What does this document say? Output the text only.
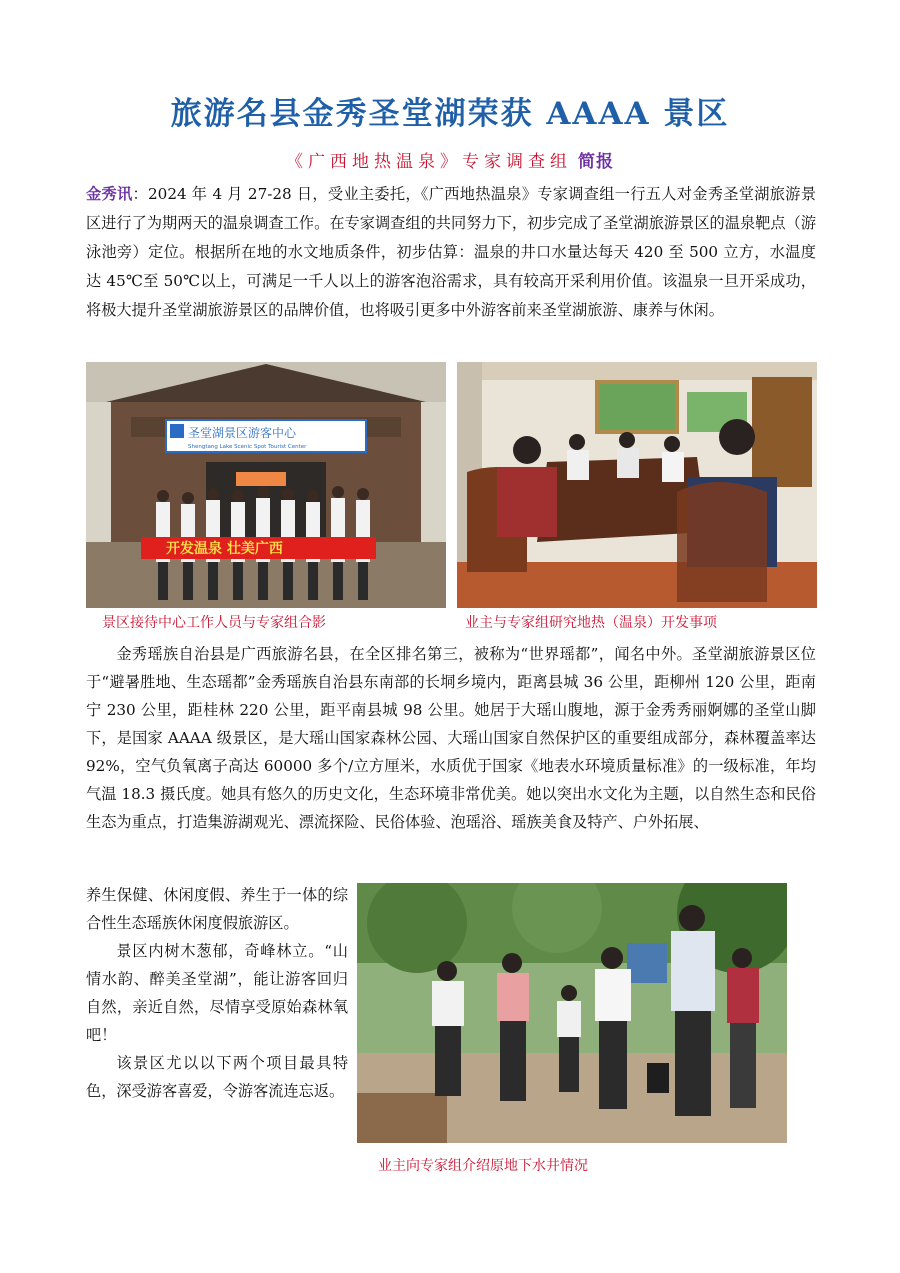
旅游名县金秀圣堂湖荣获 AAAA 景区
《广西地热温泉》专家调查组 简报
金秀讯：2024 年 4 月 27-28 日，受业主委托，《广西地热温泉》专家调查组一行五人对金秀圣堂湖旅游景区进行了为期两天的温泉调查工作。在专家调查组的共同努力下，初步完成了圣堂湖旅游景区的温泉靶点（游泳池旁）定位。根据所在地的水文地质条件，初步估算：温泉的井口水量达每天 420 至 500 立方，水温度达 45℃至 50℃以上，可满足一千人以上的游客泡浴需求，具有较高开采利用价值。该温泉一旦开采成功，将极大提升圣堂湖旅游景区的品牌价值，也将吸引更多中外游客前来圣堂湖旅游、康养与休闲。
圣堂湖景区游客中心
Shengtang Lake Scenic Spot Tourist Center
开发温泉 壮美广西
景区接待中心工作人员与专家组合影	业主与专家组研究地热（温泉）开发事项
金秀瑶族自治县是广西旅游名县，在全区排名第三，被称为“世界瑶都”，闻名中外。圣堂湖旅游景区位于“避暑胜地、生态瑶都”金秀瑶族自治县东南部的长垌乡境内，距离县城 36 公里，距柳州 120 公里，距南宁 230 公里，距桂林 220 公里，距平南县城 98 公里。她居于大瑶山腹地，源于金秀秀丽婀娜的圣堂山脚下，是国家 AAAA 级景区，是大瑶山国家森林公园、大瑶山国家自然保护区的重要组成部分，森林覆盖率达 92%，空气负氧离子高达 60000 多个/立方厘米，水质优于国家《地表水环境质量标准》的一级标准，年均气温 18.3 摄氏度。她具有悠久的历史文化，生态环境非常优美。她以突出水文化为主题，以自然生态和民俗生态为重点，打造集游湖观光、漂流探险、民俗体验、泡瑶浴、瑶族美食及特产、户外拓展、

养生保健、休闲度假、养生于一体的综合性生态瑶族休闲度假旅游区。

景区内树木葱郁，奇峰林立。“山情水韵、醉美圣堂湖”，能让游客回归自然，亲近自然，尽情享受原始森林氧吧！

该景区尤以以下两个项目最具特色，深受游客喜爱，令游客流连忘返。

业主向专家组介绍原地下水井情况
